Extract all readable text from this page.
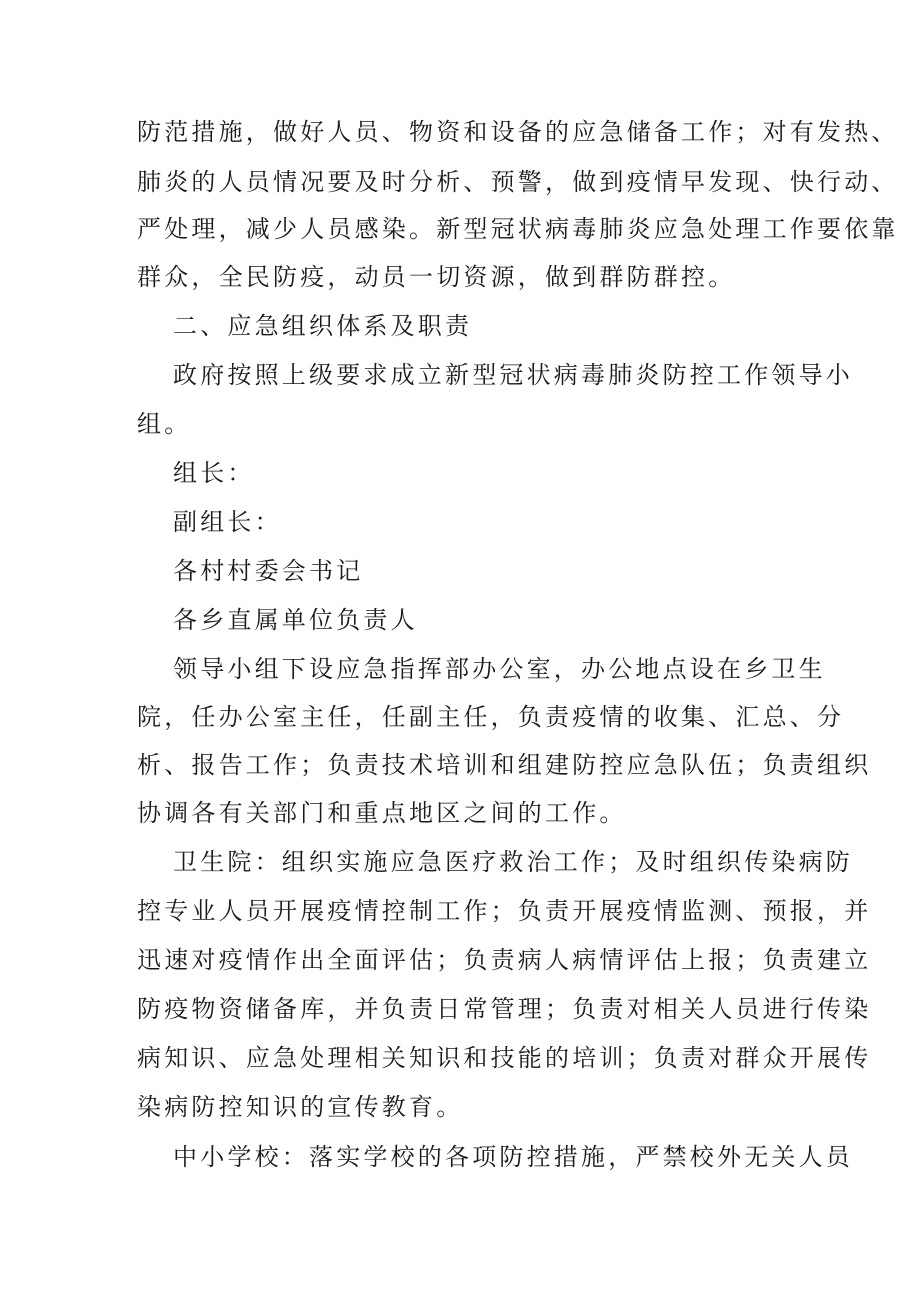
防范措施，做好人员、物资和设备的应急储备工作；对有发热、

肺炎的人员情况要及时分析、预警，做到疫情早发现、快行动、

严处理，减少人员感染。新型冠状病毒肺炎应急处理工作要依靠

群众，全民防疫，动员一切资源，做到群防群控。

二、应急组织体系及职责

政府按照上级要求成立新型冠状病毒肺炎防控工作领导小

组。

组长：

副组长：

各村村委会书记

各乡直属单位负责人

领导小组下设应急指挥部办公室，办公地点设在乡卫生

院，任办公室主任，任副主任，负责疫情的收集、汇总、分

析、报告工作；负责技术培训和组建防控应急队伍；负责组织

协调各有关部门和重点地区之间的工作。

卫生院：组织实施应急医疗救治工作；及时组织传染病防

控专业人员开展疫情控制工作；负责开展疫情监测、预报，并

迅速对疫情作出全面评估；负责病人病情评估上报；负责建立

防疫物资储备库，并负责日常管理；负责对相关人员进行传染

病知识、应急处理相关知识和技能的培训；负责对群众开展传

染病防控知识的宣传教育。

中小学校：落实学校的各项防控措施，严禁校外无关人员
